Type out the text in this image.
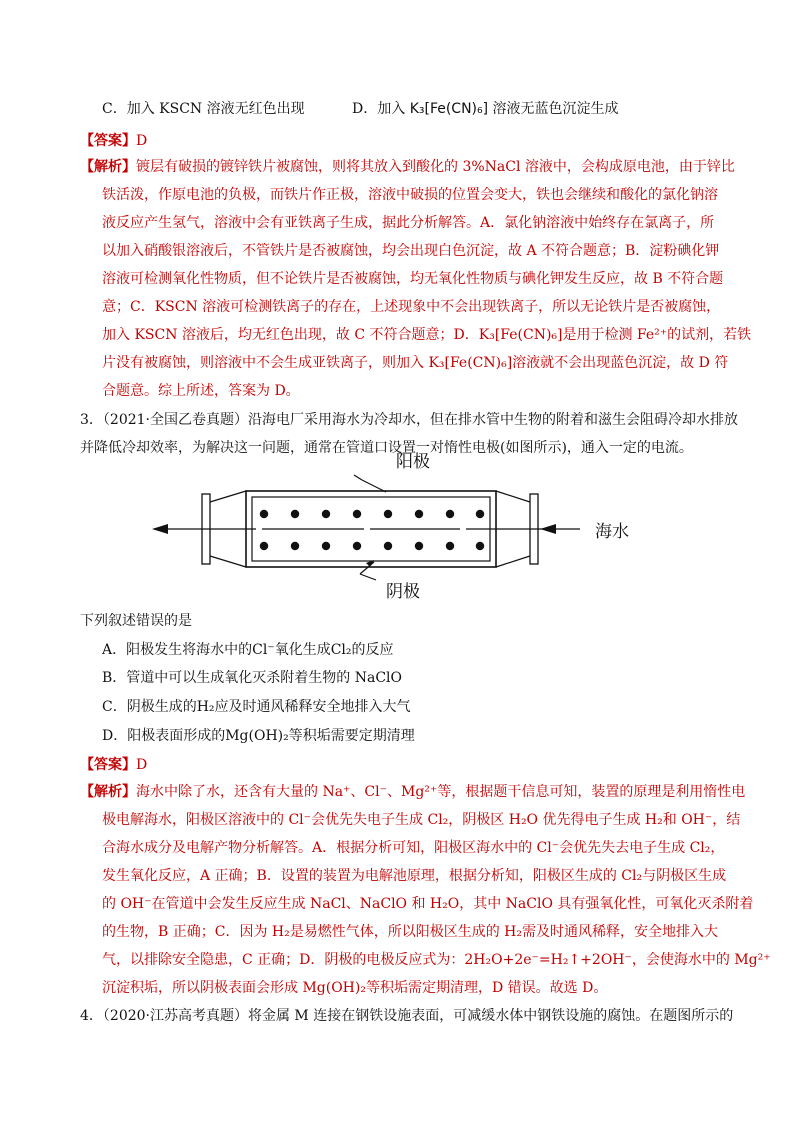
C．加入 KSCN 溶液无红色出现	D．加入 K₃[Fe(CN)₆] 溶液无蓝色沉淀生成
【答案】D
【解析】镀层有破损的镀锌铁片被腐蚀，则将其放入到酸化的 3%NaCl 溶液中，会构成原电池，由于锌比
铁活泼，作原电池的负极，而铁片作正极，溶液中破损的位置会变大，铁也会继续和酸化的氯化钠溶
液反应产生氢气，溶液中会有亚铁离子生成，据此分析解答。A．氯化钠溶液中始终存在氯离子，所
以加入硝酸银溶液后，不管铁片是否被腐蚀，均会出现白色沉淀，故 A 不符合题意；B．淀粉碘化钾
溶液可检测氧化性物质，但不论铁片是否被腐蚀，均无氧化性物质与碘化钾发生反应，故 B 不符合题
意；C．KSCN 溶液可检测铁离子的存在，上述现象中不会出现铁离子，所以无论铁片是否被腐蚀，
加入 KSCN 溶液后，均无红色出现，故 C 不符合题意；D．K₃[Fe(CN)₆]是用于检测 Fe²⁺的试剂，若铁
片没有被腐蚀，则溶液中不会生成亚铁离子，则加入 K₃[Fe(CN)₆]溶液就不会出现蓝色沉淀，故 D 符
合题意。综上所述，答案为 D。
3．（2021·全国乙卷真题）沿海电厂采用海水为冷却水，但在排水管中生物的附着和滋生会阻碍冷却水排放
并降低冷却效率，为解决这一问题，通常在管道口设置一对惰性电极(如图所示)，通入一定的电流。
阳极
阴极
海水
下列叙述错误的是
A．阳极发生将海水中的Cl⁻氧化生成Cl₂的反应
B．管道中可以生成氧化灭杀附着生物的 NaClO
C．阴极生成的H₂应及时通风稀释安全地排入大气
D．阳极表面形成的Mg(OH)₂等积垢需要定期清理
【答案】D
【解析】海水中除了水，还含有大量的 Na⁺、Cl⁻、Mg²⁺等，根据题干信息可知，装置的原理是利用惰性电
极电解海水，阳极区溶液中的 Cl⁻会优先失电子生成 Cl₂，阴极区 H₂O 优先得电子生成 H₂和 OH⁻，结
合海水成分及电解产物分析解答。A．根据分析可知，阳极区海水中的 Cl⁻会优先失去电子生成 Cl₂，
发生氧化反应，A 正确；B．设置的装置为电解池原理，根据分析知，阳极区生成的 Cl₂与阴极区生成
的 OH⁻在管道中会发生反应生成 NaCl、NaClO 和 H₂O，其中 NaClO 具有强氧化性，可氧化灭杀附着
的生物，B 正确；C．因为 H₂是易燃性气体，所以阳极区生成的 H₂需及时通风稀释，安全地排入大
气，以排除安全隐患，C 正确；D．阴极的电极反应式为：2H₂O+2e⁻=H₂↑+2OH⁻，会使海水中的 Mg²⁺
沉淀积垢，所以阴极表面会形成 Mg(OH)₂等积垢需定期清理，D 错误。故选 D。
4．（2020·江苏高考真题）将金属 M 连接在钢铁设施表面，可减缓水体中钢铁设施的腐蚀。在题图所示的
